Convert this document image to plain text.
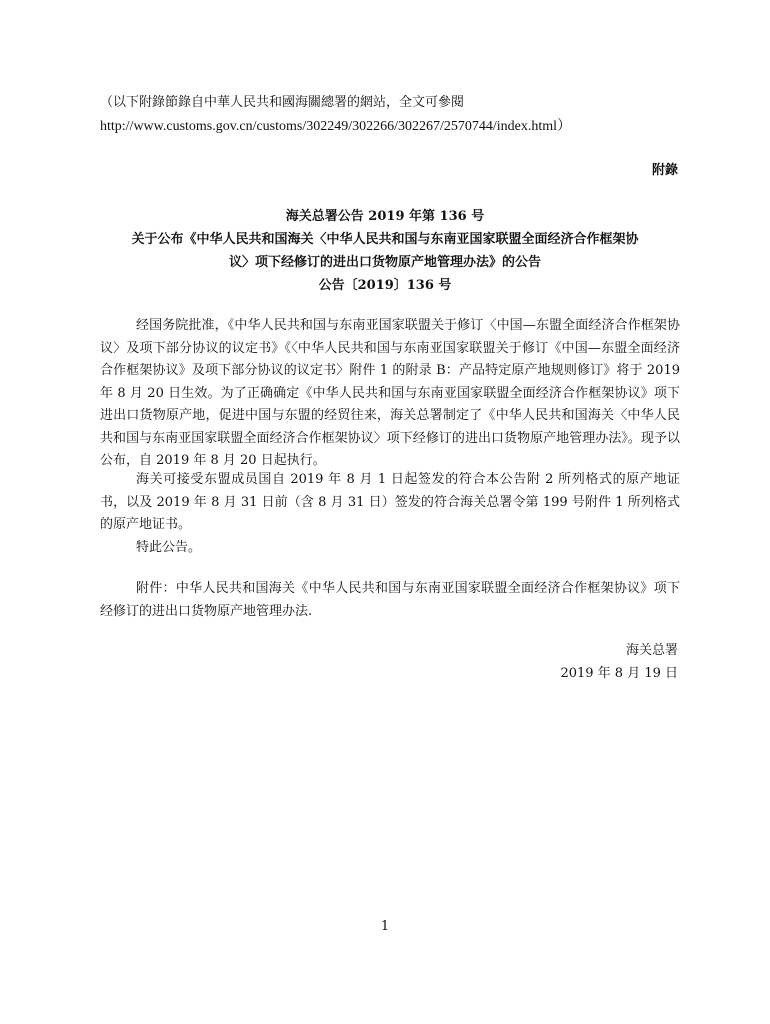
（以下附錄節錄自中華人民共和國海關總署的網站，全文可參閱
http://www.customs.gov.cn/customs/302249/302266/302267/2570744/index.html）
附錄
海关总署公告 2019 年第 136 号
关于公布《中华人民共和国海关〈中华人民共和国与东南亚国家联盟全面经济合作框架协
议〉项下经修订的进出口货物原产地管理办法》的公告
公告〔2019〕136 号
经国务院批准，《中华人民共和国与东南亚国家联盟关于修订〈中国—东盟全面经济合作框架协议〉及项下部分协议的议定书》《〈中华人民共和国与东南亚国家联盟关于修订《中国—东盟全面经济合作框架协议》及项下部分协议的议定书〉附件 1 的附录 B：产品特定原产地规则修订》将于 2019 年 8 月 20 日生效。为了正确确定《中华人民共和国与东南亚国家联盟全面经济合作框架协议》项下进出口货物原产地，促进中国与东盟的经贸往来，海关总署制定了《中华人民共和国海关〈中华人民共和国与东南亚国家联盟全面经济合作框架协议〉项下经修订的进出口货物原产地管理办法》。现予以公布，自 2019 年 8 月 20 日起执行。
海关可接受东盟成员国自 2019 年 8 月 1 日起签发的符合本公告附 2 所列格式的原产地证书，以及 2019 年 8 月 31 日前（含 8 月 31 日）签发的符合海关总署令第 199 号附件 1 所列格式的原产地证书。
特此公告。
附件：中华人民共和国海关《中华人民共和国与东南亚国家联盟全面经济合作框架协议》项下经修订的进出口货物原产地管理办法.
海关总署
2019 年 8 月 19 日
1
